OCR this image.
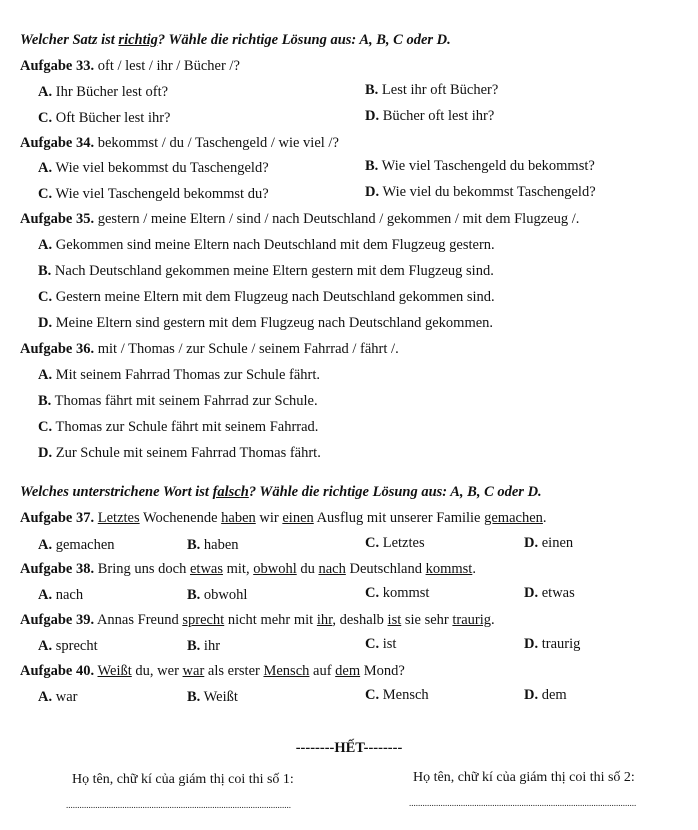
Welcher Satz ist richtig? Wähle die richtige Lösung aus: A, B, C oder D.
Aufgabe 33. oft / lest / ihr / Bücher /?
A. Ihr Bücher lest oft?	B. Lest ihr oft Bücher?
C. Oft Bücher lest ihr?	D. Bücher oft lest ihr?
Aufgabe 34. bekommst / du / Taschengeld / wie viel /?
A. Wie viel bekommst du Taschengeld?	B. Wie viel Taschengeld du bekommst?
C. Wie viel Taschengeld bekommst du?	D. Wie viel du bekommst Taschengeld?
Aufgabe 35. gestern / meine Eltern / sind / nach Deutschland / gekommen / mit dem Flugzeug /.
A. Gekommen sind meine Eltern nach Deutschland mit dem Flugzeug gestern.
B. Nach Deutschland gekommen meine Eltern gestern mit dem Flugzeug sind.
C. Gestern meine Eltern mit dem Flugzeug nach Deutschland gekommen sind.
D. Meine Eltern sind gestern mit dem Flugzeug nach Deutschland gekommen.
Aufgabe 36. mit / Thomas / zur Schule / seinem Fahrrad / fährt /.
A. Mit seinem Fahrrad Thomas zur Schule fährt.
B. Thomas fährt mit seinem Fahrrad zur Schule.
C. Thomas zur Schule fährt mit seinem Fahrrad.
D. Zur Schule mit seinem Fahrrad Thomas fährt.
Welches unterstrichene Wort ist falsch? Wähle die richtige Lösung aus: A, B, C oder D.
Aufgabe 37. Letztes Wochenende haben wir einen Ausflug mit unserer Familie gemachen.
A. gemachen	B. haben	C. Letztes	D. einen
Aufgabe 38. Bring uns doch etwas mit, obwohl du nach Deutschland kommst.
A. nach	B. obwohl	C. kommst	D. etwas
Aufgabe 39. Annas Freund sprecht nicht mehr mit ihr, deshalb ist sie sehr traurig.
A. sprecht	B. ihr	C. ist	D. traurig
Aufgabe 40. Weißt du, wer war als erster Mensch auf dem Mond?
A. war	B. Weißt	C. Mensch	D. dem
--------HẾT--------
Họ tên, chữ kí của giám thị coi thi số 1:	Họ tên, chữ kí của giám thị coi thi số 2:
....................................................................................................	.....................................................................................................
